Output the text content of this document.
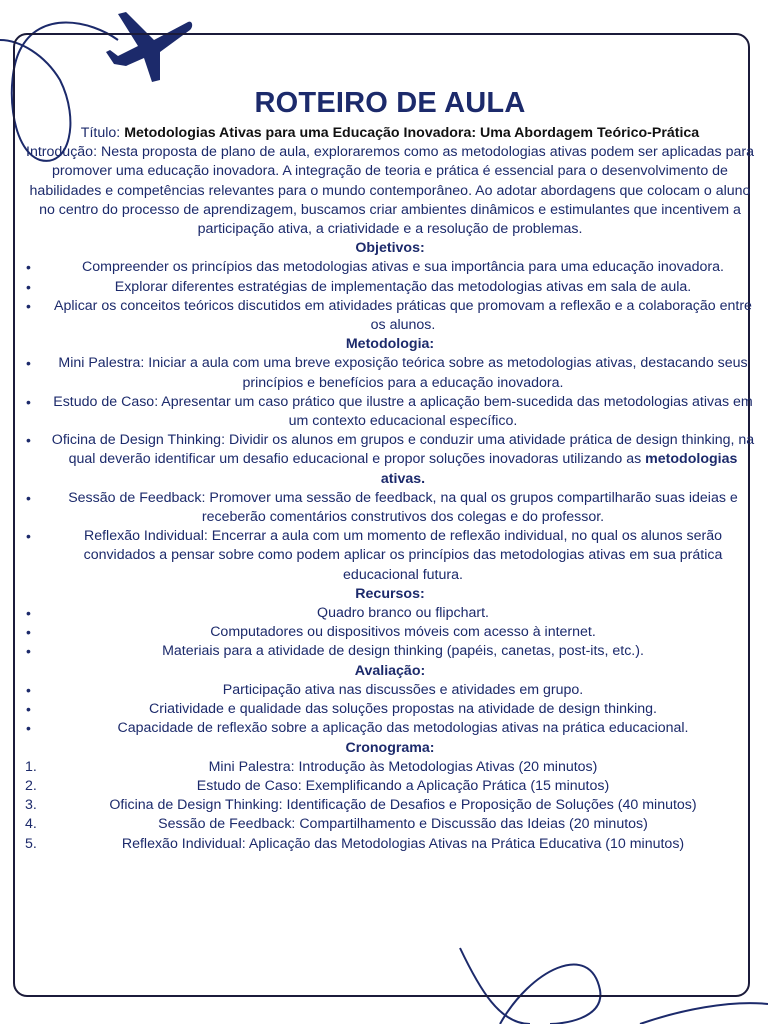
ROTEIRO DE AULA

Título: Metodologias Ativas para uma Educação Inovadora: Uma Abordagem Teórico-Prática

Introdução: Nesta proposta de plano de aula, exploraremos como as metodologias ativas podem ser aplicadas para promover uma educação inovadora. A integração de teoria e prática é essencial para o desenvolvimento de habilidades e competências relevantes para o mundo contemporâneo. Ao adotar abordagens que colocam o aluno no centro do processo de aprendizagem, buscamos criar ambientes dinâmicos e estimulantes que incentivem a participação ativa, a criatividade e a resolução de problemas.

Objetivos:

• Compreender os princípios das metodologias ativas e sua importância para uma educação inovadora.
• Explorar diferentes estratégias de implementação das metodologias ativas em sala de aula.
• Aplicar os conceitos teóricos discutidos em atividades práticas que promovam a reflexão e a colaboração entre os alunos.

Metodologia:

• Mini Palestra: Iniciar a aula com uma breve exposição teórica sobre as metodologias ativas, destacando seus princípios e benefícios para a educação inovadora.
• Estudo de Caso: Apresentar um caso prático que ilustre a aplicação bem-sucedida das metodologias ativas em um contexto educacional específico.
• Oficina de Design Thinking: Dividir os alunos em grupos e conduzir uma atividade prática de design thinking, na qual deverão identificar um desafio educacional e propor soluções inovadoras utilizando as metodologias ativas.
• Sessão de Feedback: Promover uma sessão de feedback, na qual os grupos compartilharão suas ideias e receberão comentários construtivos dos colegas e do professor.
• Reflexão Individual: Encerrar a aula com um momento de reflexão individual, no qual os alunos serão convidados a pensar sobre como podem aplicar os princípios das metodologias ativas em sua prática educacional futura.

Recursos:

• Quadro branco ou flipchart.
• Computadores ou dispositivos móveis com acesso à internet.
• Materiais para a atividade de design thinking (papéis, canetas, post-its, etc.).

Avaliação:

• Participação ativa nas discussões e atividades em grupo.
• Criatividade e qualidade das soluções propostas na atividade de design thinking.
• Capacidade de reflexão sobre a aplicação das metodologias ativas na prática educacional.

Cronograma:

1.	Mini Palestra: Introdução às Metodologias Ativas (20 minutos)
2.	Estudo de Caso: Exemplificando a Aplicação Prática (15 minutos)
3.	Oficina de Design Thinking: Identificação de Desafios e Proposição de Soluções (40 minutos)
4.	Sessão de Feedback: Compartilhamento e Discussão das Ideias (20 minutos)
5.	Reflexão Individual: Aplicação das Metodologias Ativas na Prática Educativa (10 minutos)
